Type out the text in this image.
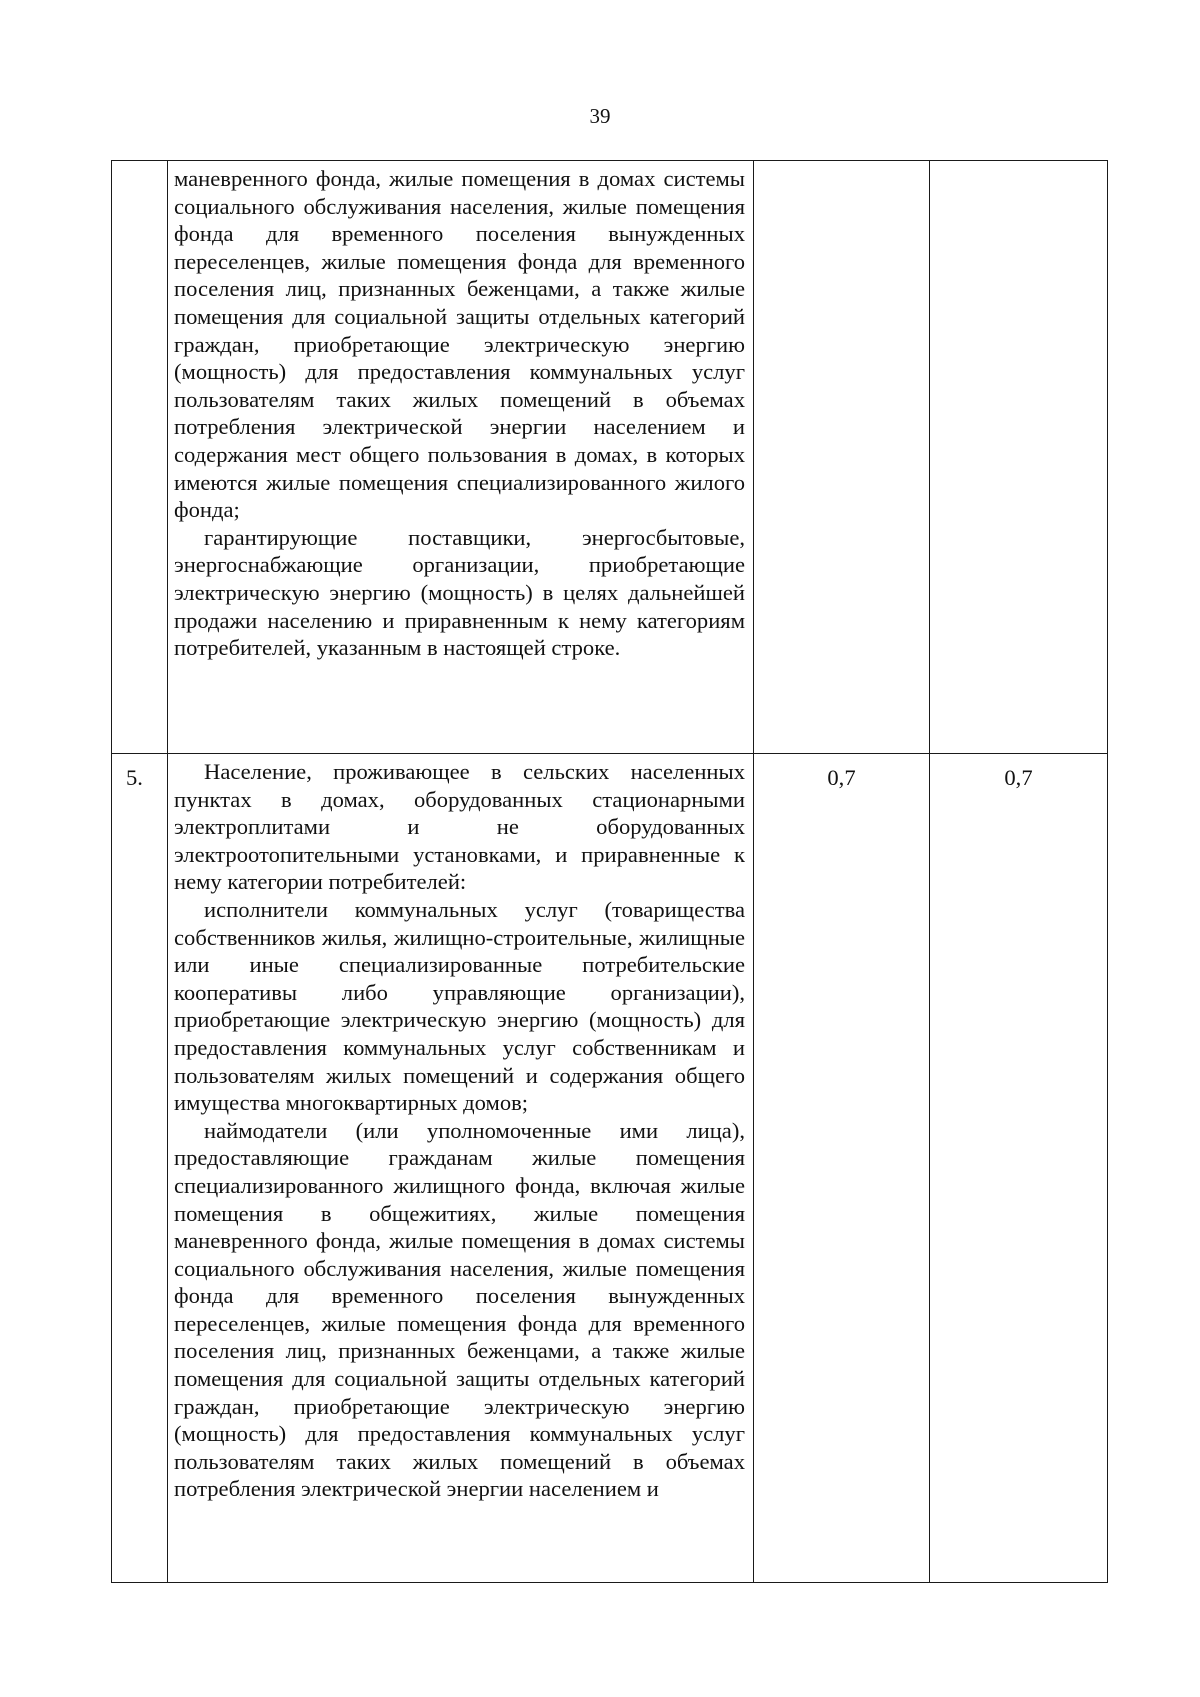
39

	маневренного фонда, жилые помещения в домах системы социального обслуживания населения, жилые помещения фонда для временного поселения вынужденных переселенцев, жилые помещения фонда для временного поселения лиц, признанных беженцами, а также жилые помещения для социальной защиты отдельных категорий граждан, приобретающие электрическую энергию (мощность) для предоставления коммунальных услуг пользователям таких жилых помещений в объемах потребления электрической энергии населением и содержания мест общего пользования в домах, в которых имеются жилые помещения специализированного жилого фонда;

гарантирующие поставщики, энергосбытовые, энергоснабжающие организации, приобретающие электрическую энергию (мощность) в целях дальнейшей продажи населению и приравненным к нему категориям потребителей, указанным в настоящей строке.		

5.	Население, проживающее в сельских населенных пунктах в домах, оборудованных стационарными электроплитами и не оборудованных электроотопительными установками, и приравненные к нему категории потребителей:

исполнители коммунальных услуг (товарищества собственников жилья, жилищно-строительные, жилищные или иные специализированные потребительские кооперативы либо управляющие организации), приобретающие электрическую энергию (мощность) для предоставления коммунальных услуг собственникам и пользователям жилых помещений и содержания общего имущества многоквартирных домов;

наймодатели (или уполномоченные ими лица), предоставляющие гражданам жилые помещения специализированного жилищного фонда, включая жилые помещения в общежитиях, жилые помещения маневренного фонда, жилые помещения в домах системы социального обслуживания населения, жилые помещения фонда для временного поселения вынужденных переселенцев, жилые помещения фонда для временного поселения лиц, признанных беженцами, а также жилые помещения для социальной защиты отдельных категорий граждан, приобретающие электрическую энергию (мощность) для предоставления коммунальных услуг пользователям таких жилых помещений в объемах потребления электрической энергии населением и	0,7	0,7
